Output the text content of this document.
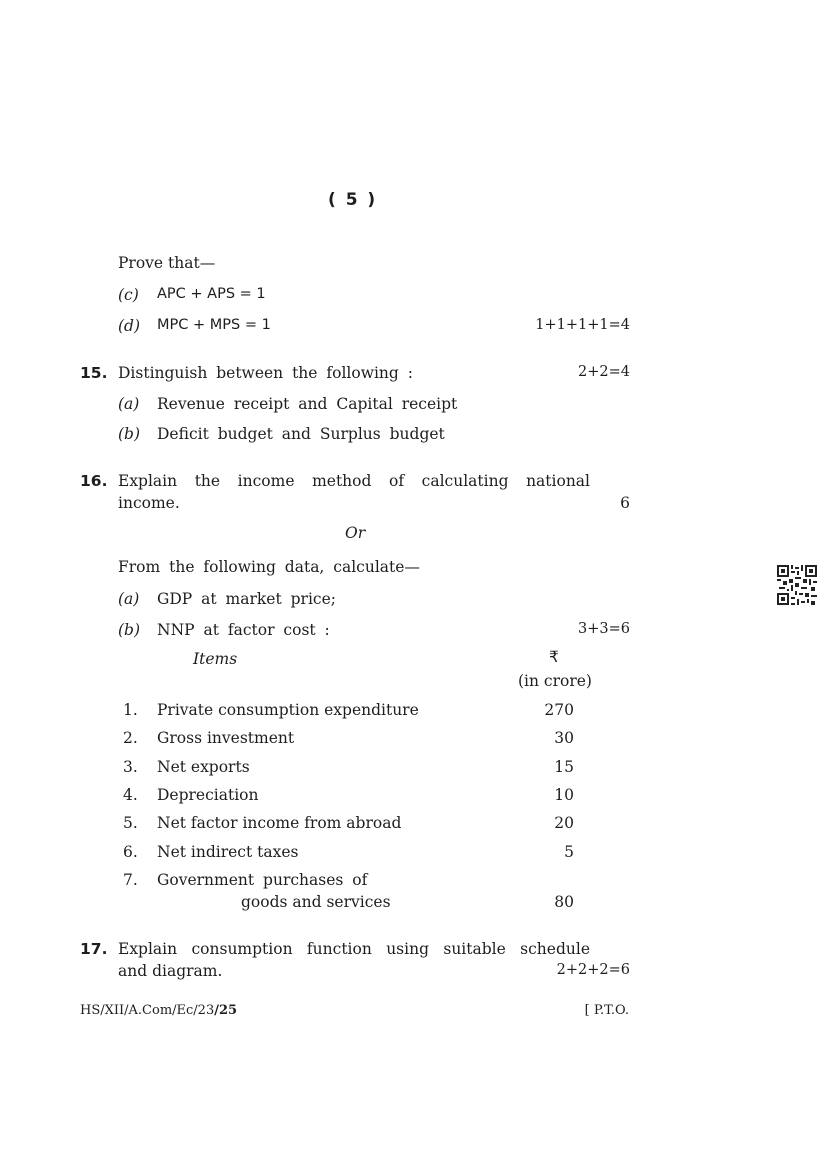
( 5 )
Prove that—
(c) APC + APS = 1
(d) MPC + MPS = 1	1+1+1+1=4
15. Distinguish between the following :	2+2=4
(a) Revenue receipt and Capital receipt
(b) Deficit budget and Surplus budget
16. Explain the income method of calculating national
income.	6
Or
From the following data, calculate—
(a) GDP at market price;
(b) NNP at factor cost :	3+3=6
Items	₹
(in crore)
1. Private consumption expenditure	270
2. Gross investment	30
3. Net exports	15
4. Depreciation	10
5. Net factor income from abroad	20
6. Net indirect taxes	5
7. Government purchases of
goods and services	80
17. Explain consumption function using suitable schedule
and diagram.	2+2+2=6
HS/XII/A.Com/Ec/23/25	[ P.T.O.
